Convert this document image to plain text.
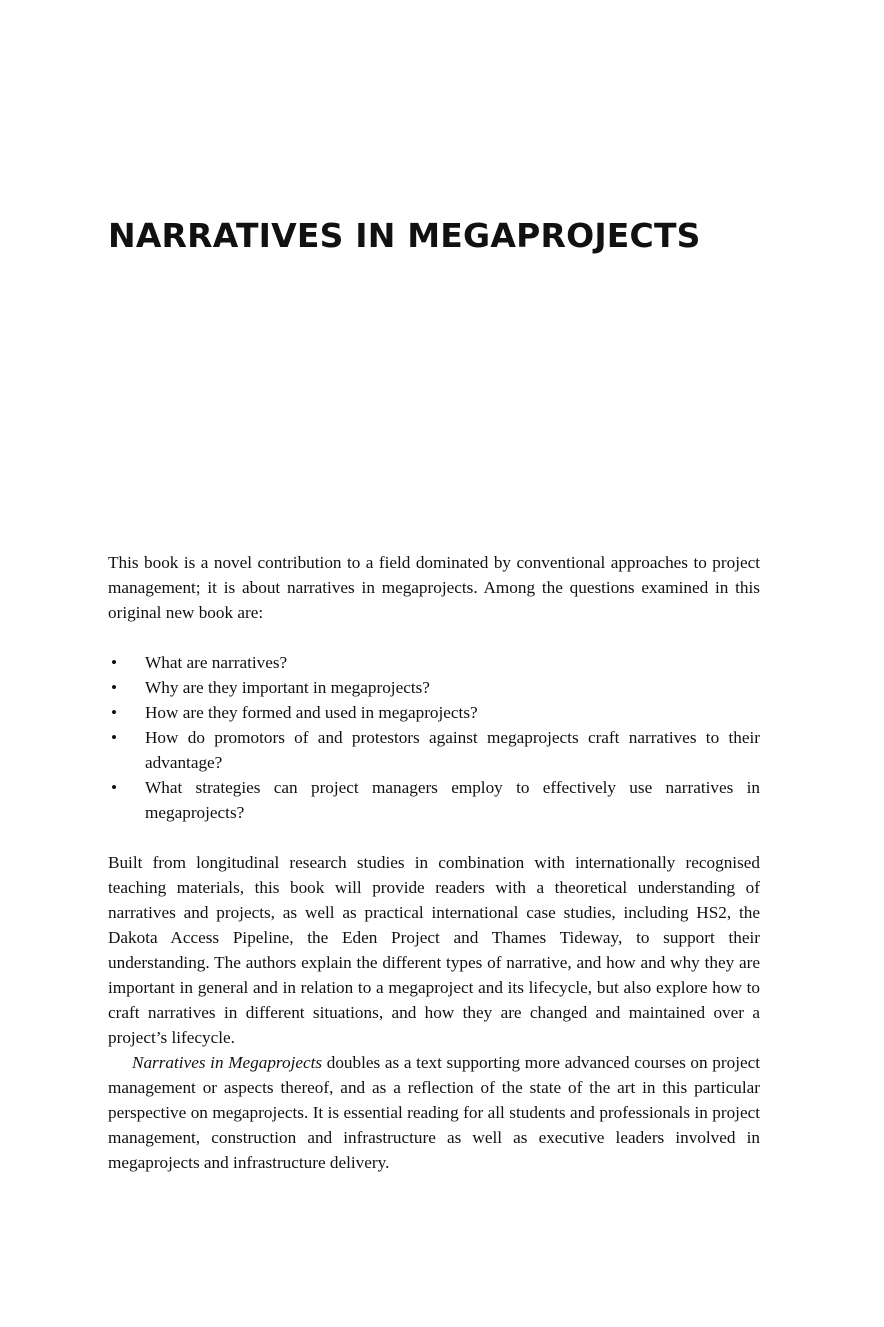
NARRATIVES IN MEGAPROJECTS

This book is a novel contribution to a field dominated by conventional approaches to project management; it is about narratives in megaprojects. Among the questions examined in this original new book are:

• What are narratives?
• Why are they important in megaprojects?
• How are they formed and used in megaprojects?
• How do promotors of and protestors against megaprojects craft narratives to their advantage?
• What strategies can project managers employ to effectively use narratives in megaprojects?

Built from longitudinal research studies in combination with internationally recognised teaching materials, this book will provide readers with a theoretical understanding of narratives and projects, as well as practical international case studies, including HS2, the Dakota Access Pipeline, the Eden Project and Thames Tideway, to support their understanding. The authors explain the different types of narrative, and how and why they are important in general and in relation to a megaproject and its lifecycle, but also explore how to craft narratives in different situations, and how they are changed and maintained over a project’s lifecycle.

Narratives in Megaprojects doubles as a text supporting more advanced courses on project management or aspects thereof, and as a reflection of the state of the art in this particular perspective on megaprojects. It is essential reading for all students and professionals in project management, construction and infrastructure as well as executive leaders involved in megaprojects and infrastructure delivery.
